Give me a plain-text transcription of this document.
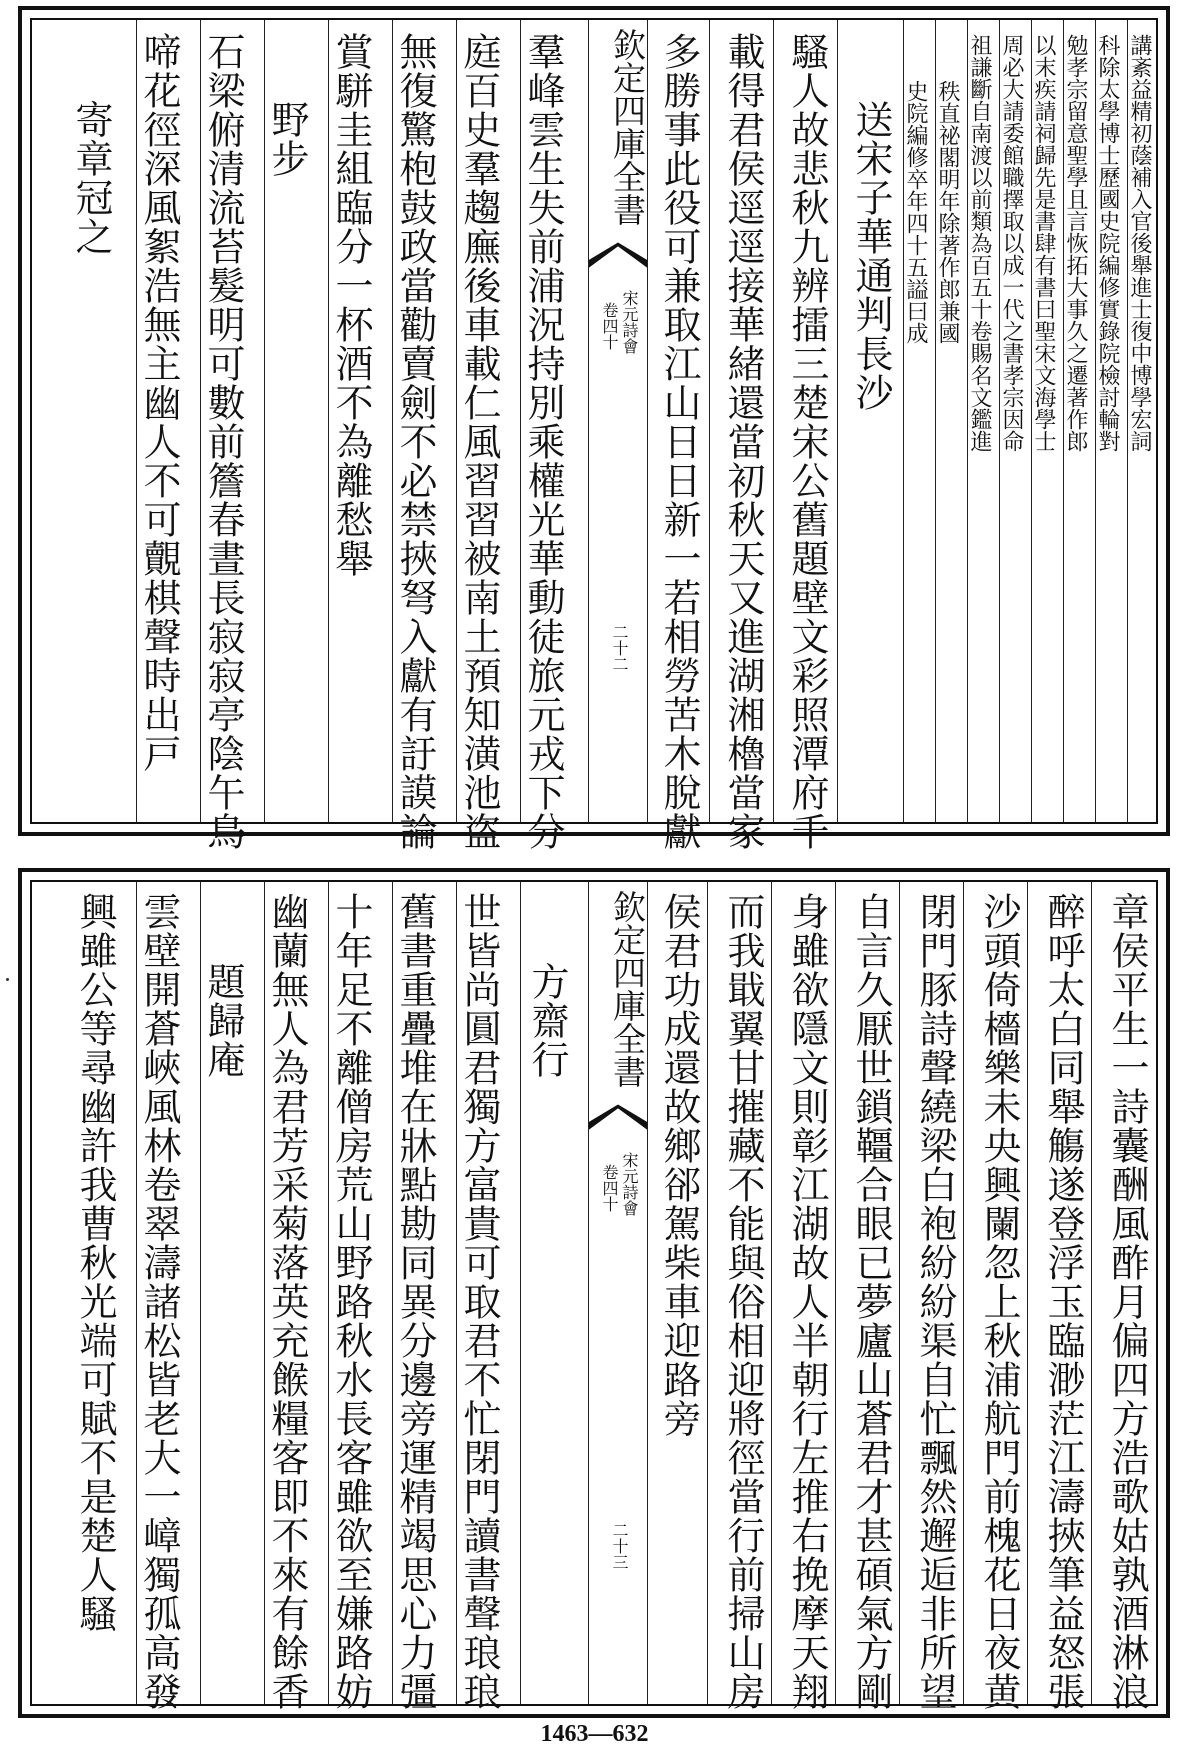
講紊益精初蔭補入官後舉進士復中博學宏詞
科除太學博士歷國史院編修實錄院檢討輪對
勉孝宗留意聖學且言恢拓大事久之遷著作郎
以末疾請祠歸先是書肆有書曰聖宋文海學士
周必大請委館職擇取以成一代之書孝宗因命
祖謙斷自南渡以前類為百五十卷賜名文鑑進
秩直祕閣明年除著作郎兼國
史院編修卒年四十五謚曰成
送宋子華通判長沙
騷人故悲秋九辨擂三楚宋公舊題壁文彩照潭府千
載得君侯逕逕接華緒還當初秋天又進湖湘櫓當家
多勝事此役可兼取江山日日新一若相勞苦木脫獻
欽定四庫全書
宋元詩會
卷四十
二十二
羣峰雲生失前浦況持別乘權光華動徒旅元戎下分
庭百史羣趨廡後車載仁風習習被南土預知潢池盗
無復驚枹鼓政當勸賣劍不必禁挾弩入獻有訏謨論
賞駢圭組臨分一杯酒不為離愁舉
野步
石梁俯清流苔髮明可數前簷春晝長寂寂亭陰午鳥
啼花徑深風絮浩無主幽人不可覿棋聲時出戸
寄章冠之
章侯平生一詩囊酬風酢月偏四方浩歌姑孰酒淋浪
醉呼太白同舉觴遂登浮玉臨渺茫江濤挾筆益怒張
沙頭倚檣樂未央興闌忽上秋浦航門前槐花日夜黄
閉門豚詩聲繞梁白袍紛紛渠自忙飄然邂逅非所望
自言久厭世鎖韁合眼已夢廬山蒼君才甚碩氣方剛
身雖欲隱文則彰江湖故人半朝行左推右挽摩天翔
而我戢翼甘摧藏不能與俗相迎將徑當行前掃山房
侯君功成還故鄉郤駕柴車迎路旁
欽定四庫全書
宋元詩會
卷四十
二十三
方齋行
世皆尚圓君獨方富貴可取君不忙閉門讀書聲琅琅
舊書重疊堆在牀點勘同異分邊旁運精竭思心力彊
十年足不離僧房荒山野路秋水長客雖欲至嫌路妨
幽蘭無人為君芳采菊落英充餱糧客即不來有餘香
題歸庵
雲壁開蒼峽風林卷翠濤諸松皆老大一嶂獨孤高發
興雖公等尋幽許我曹秋光端可賦不是楚人騷
1463—632
